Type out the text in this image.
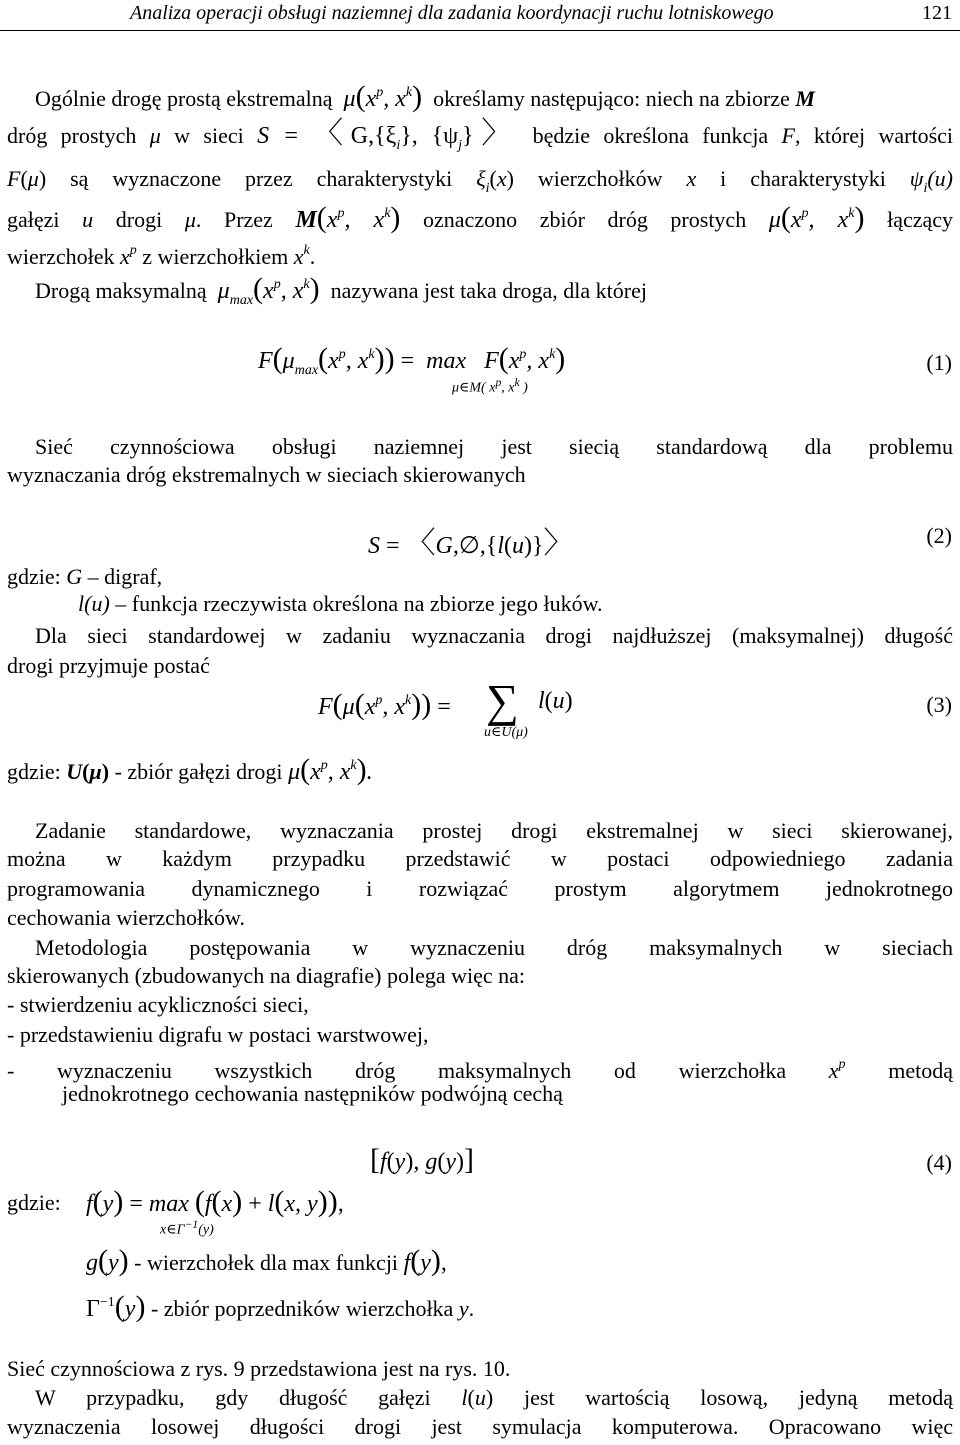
Analiza operacji obsługi naziemnej dla zadania koordynacji ruchu lotniskowego	121
Ogólnie drogę prostą ekstremalną $\mu(x^p$, $x^k$) określamy następująco: niech na zbiorze M
dróg prostych μ w sieci S = 〈$G,\{\xi_i\}$, $\{\psi_j\}$〉 będzie określona funkcja F, której wartości
F(μ) są wyznaczone przez charakterystyki $\xi_i(x)$ wierzchołków x i charakterystyki $\psi_i(u)$
gałęzi u drogi μ. Przez $M(x^p$, $x^k$) oznaczono zbiór dróg prostych $\mu(x^p$, $x^k$) łączący
wierzchołek $x^p$ z wierzchołkiem $x^k$.
Drogą maksymalną $\mu_{max}(x^p$, $x^k$) nazywana jest taka droga, dla której
$F(\mu_{max}(x^p$, $x^k)) = \max F(x^p$, $x^k$)
μ∈M( $x^p$, $x^k$ )
(1)
Sieć czynnościowa obsługi naziemnej jest siecią standardową dla problemu
wyznaczania dróg ekstremalnych w sieciach skierowanych
S = 〈G,∅,{l(u)}〉	(2)
gdzie: G – digraf,
l(u) – funkcja rzeczywista określona na zbiorze jego łuków.
Dla sieci standardowej w zadaniu wyznaczania drogi najdłuższej (maksymalnej) długość
drogi przyjmuje postać
$F(\mu(x^p$, $x^k$)) = ∑ l(u)
u∈U(μ)
(3)
gdzie: U(μ) - zbiór gałęzi drogi $\mu(x^p$, $x^k$).
Zadanie standardowe, wyznaczania prostej drogi ekstremalnej w sieci skierowanej,
można w każdym przypadku przedstawić w postaci odpowiedniego zadania
programowania dynamicznego i rozwiązać prostym algorytmem jednokrotnego
cechowania wierzchołków.
Metodologia postępowania w wyznaczeniu dróg maksymalnych w sieciach
skierowanych (zbudowanych na diagrafie) polega więc na:
- stwierdzeniu acykliczności sieci,
- przedstawieniu digrafu w postaci warstwowej,
- wyznaczeniu wszystkich dróg maksymalnych od wierzchołka $x^p$ metodą
jednokrotnego cechowania następników podwójną cechą
[f(y), g(y)]	(4)
gdzie:	f(y) = max (f(x) + l(x, y)),
$x\in\Gamma^{-1}(y)$
g(y) - wierzchołek dla max funkcji f(y),
$\Gamma^{-1}(y)$ - zbiór poprzedników wierzchołka y.
Sieć czynnościowa z rys. 9 przedstawiona jest na rys. 10.
W przypadku, gdy długość gałęzi l(u) jest wartością losową, jedyną metodą
wyznaczenia losowej długości drogi jest symulacja komputerowa. Opracowano więc
